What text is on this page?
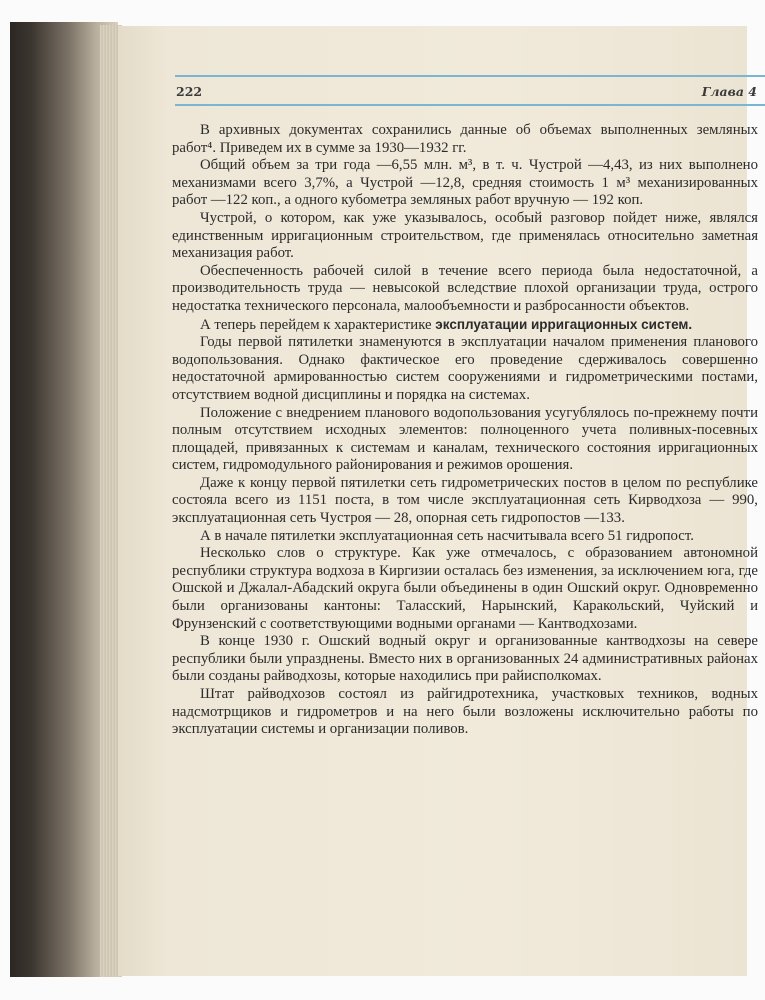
222	Глава 4

В архивных документах сохранились данные об объемах выполненных земляных работ⁴. Приведем их в сумме за 1930—1932 гг.

Общий объем за три года —6,55 млн. м³, в т. ч. Чустрой —4,43, из них выполнено механизмами всего 3,7%, а Чустрой —12,8, средняя стоимость 1 м³ механизированных работ —122 коп., а одного кубометра земляных работ вручную — 192 коп.

Чустрой, о котором, как уже указывалось, особый разговор пойдет ниже, являлся единственным ирригационным строительством, где применялась относительно заметная механизация работ.

Обеспеченность рабочей силой в течение всего периода была недостаточной, а производительность труда — невысокой вследствие плохой организации труда, острого недостатка технического персонала, малообъемности и разбросанности объектов.

А теперь перейдем к характеристике эксплуатации ирригационных систем.

Годы первой пятилетки знаменуются в эксплуатации началом применения планового водопользования. Однако фактическое его проведение сдерживалось совершенно недостаточной армированностью систем сооружениями и гидрометрическими постами, отсутствием водной дисциплины и порядка на системах.

Положение с внедрением планового водопользования усугублялось по-прежнему почти полным отсутствием исходных элементов: полноценного учета поливных-посевных площадей, привязанных к системам и каналам, технического состояния ирригационных систем, гидромодульного районирования и режимов орошения.

Даже к концу первой пятилетки сеть гидрометрических постов в целом по республике состояла всего из 1151 поста, в том числе эксплуатационная сеть Кирводхоза — 990, эксплуатационная сеть Чустроя — 28, опорная сеть гидропостов —133.

А в начале пятилетки эксплуатационная сеть насчитывала всего 51 гидропост.

Несколько слов о структуре. Как уже отмечалось, с образованием автономной республики структура водхоза в Киргизии осталась без изменения, за исключением юга, где Ошской и Джалал-Абадский округа были объединены в один Ошский округ. Одновременно были организованы кантоны: Таласский, Нарынский, Каракольский, Чуйский и Фрунзенский с соответствующими водными органами — Кантводхозами.

В конце 1930 г. Ошский водный округ и организованные кантводхозы на севере республики были упразднены. Вместо них в организованных 24 административных районах были созданы райводхозы, которые находились при райисполкомах.

Штат райводхозов состоял из райгидротехника, участковых техников, водных надсмотрщиков и гидрометров и на него были возложены исключительно работы по эксплуатации системы и организации поливов.
